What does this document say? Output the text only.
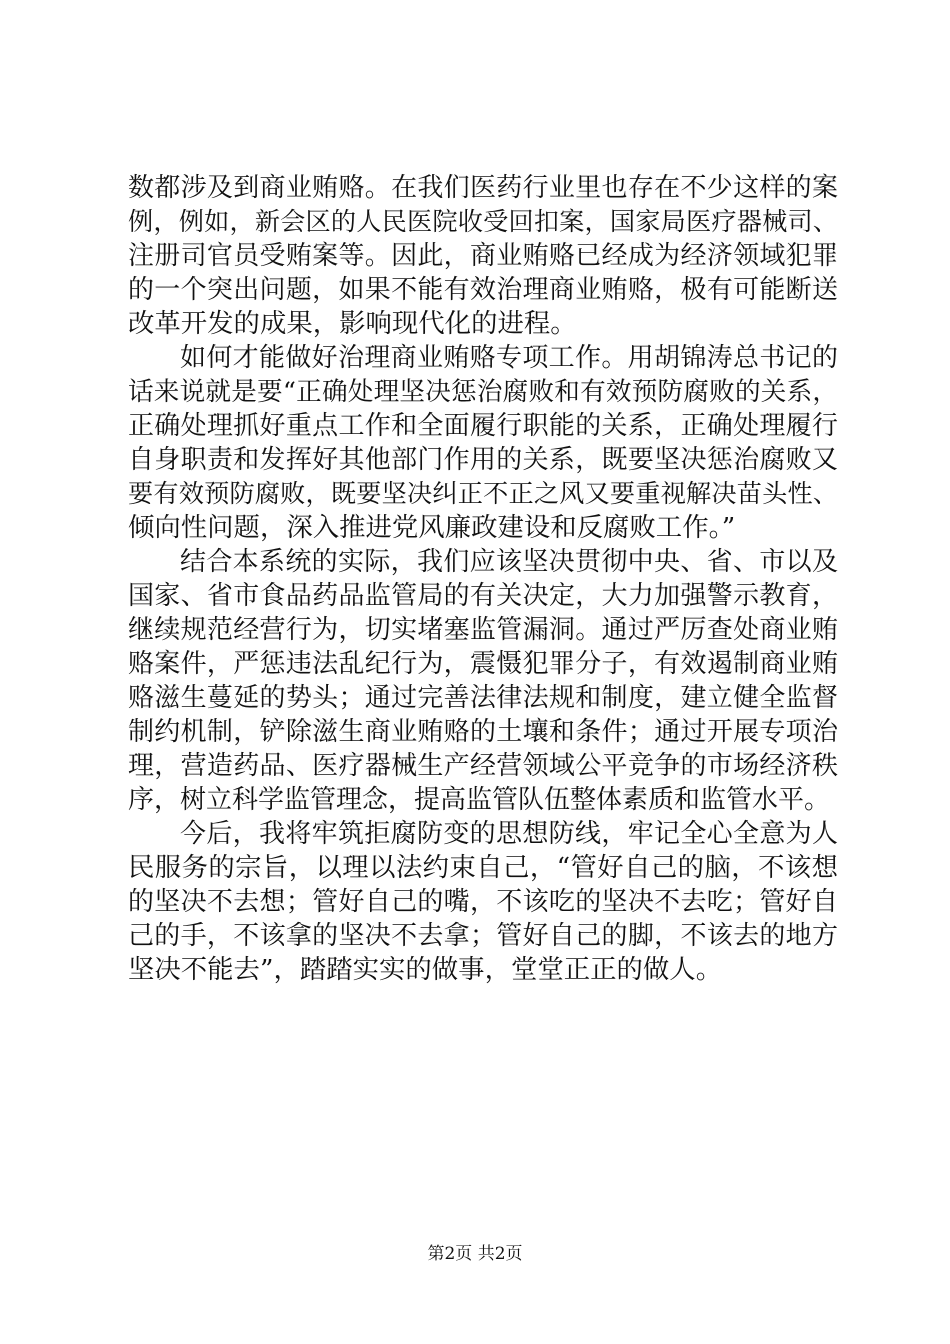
数都涉及到商业贿赂。在我们医药行业里也存在不少这样的案
例，例如，新会区的人民医院收受回扣案，国家局医疗器械司、
注册司官员受贿案等。因此，商业贿赂已经成为经济领域犯罪
的一个突出问题，如果不能有效治理商业贿赂，极有可能断送
改革开发的成果，影响现代化的进程。
如何才能做好治理商业贿赂专项工作。用胡锦涛总书记的
话来说就是要“正确处理坚决惩治腐败和有效预防腐败的关系，
正确处理抓好重点工作和全面履行职能的关系，正确处理履行
自身职责和发挥好其他部门作用的关系，既要坚决惩治腐败又
要有效预防腐败，既要坚决纠正不正之风又要重视解决苗头性、
倾向性问题，深入推进党风廉政建设和反腐败工作。”
结合本系统的实际，我们应该坚决贯彻中央、省、市以及
国家、省市食品药品监管局的有关决定，大力加强警示教育，
继续规范经营行为，切实堵塞监管漏洞。通过严厉查处商业贿
赂案件，严惩违法乱纪行为，震慑犯罪分子，有效遏制商业贿
赂滋生蔓延的势头；通过完善法律法规和制度，建立健全监督
制约机制，铲除滋生商业贿赂的土壤和条件；通过开展专项治
理，营造药品、医疗器械生产经营领域公平竞争的市场经济秩
序，树立科学监管理念，提高监管队伍整体素质和监管水平。
今后，我将牢筑拒腐防变的思想防线，牢记全心全意为人
民服务的宗旨，以理以法约束自己，“管好自己的脑，不该想
的坚决不去想；管好自己的嘴，不该吃的坚决不去吃；管好自
己的手，不该拿的坚决不去拿；管好自己的脚，不该去的地方
坚决不能去”，踏踏实实的做事，堂堂正正的做人。
第2页 共2页
